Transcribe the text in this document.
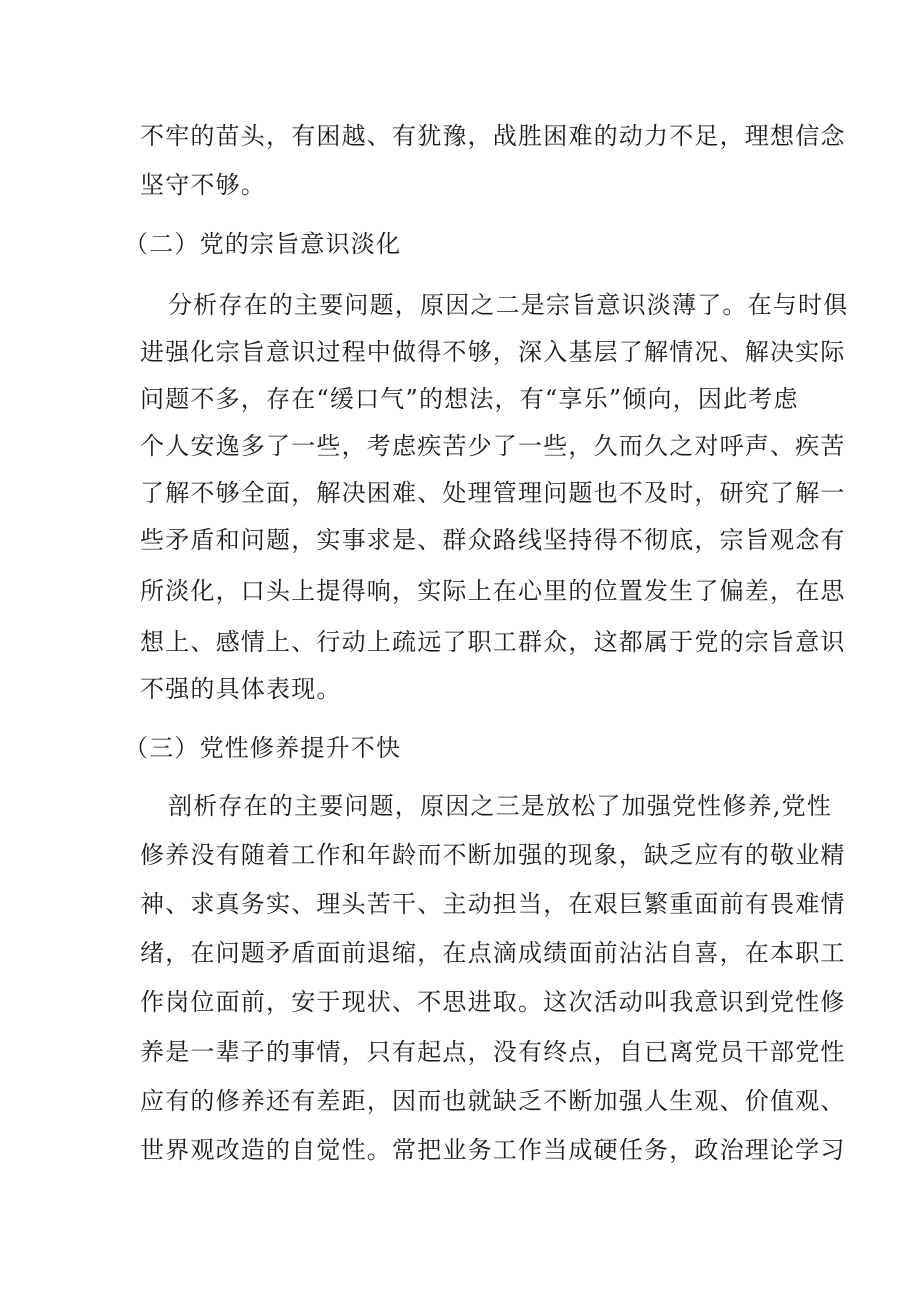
不牢的苗头，有困越、有犹豫，战胜困难的动力不足，理想信念
坚守不够。
（二）党的宗旨意识淡化
分析存在的主要问题，原因之二是宗旨意识淡薄了。在与时俱
进强化宗旨意识过程中做得不够，深入基层了解情况、解决实际
问题不多，存在“缓口气”的想法，有“享乐”倾向，因此考虑
个人安逸多了一些，考虑疾苦少了一些，久而久之对呼声、疾苦
了解不够全面，解决困难、处理管理问题也不及时，研究了解一
些矛盾和问题，实事求是、群众路线坚持得不彻底，宗旨观念有
所淡化，口头上提得响，实际上在心里的位置发生了偏差，在思
想上、感情上、行动上疏远了职工群众，这都属于党的宗旨意识
不强的具体表现。
（三）党性修养提升不快
剖析存在的主要问题，原因之三是放松了加强党性修养,党性
修养没有随着工作和年龄而不断加强的现象，缺乏应有的敬业精
神、求真务实、理头苦干、主动担当，在艰巨繁重面前有畏难情
绪，在问题矛盾面前退缩，在点滴成绩面前沾沾自喜，在本职工
作岗位面前，安于现状、不思进取。这次活动叫我意识到党性修
养是一辈子的事情，只有起点，没有终点，自已离党员干部党性
应有的修养还有差距，因而也就缺乏不断加强人生观、价值观、
世界观改造的自觉性。常把业务工作当成硬任务，政治理论学习
